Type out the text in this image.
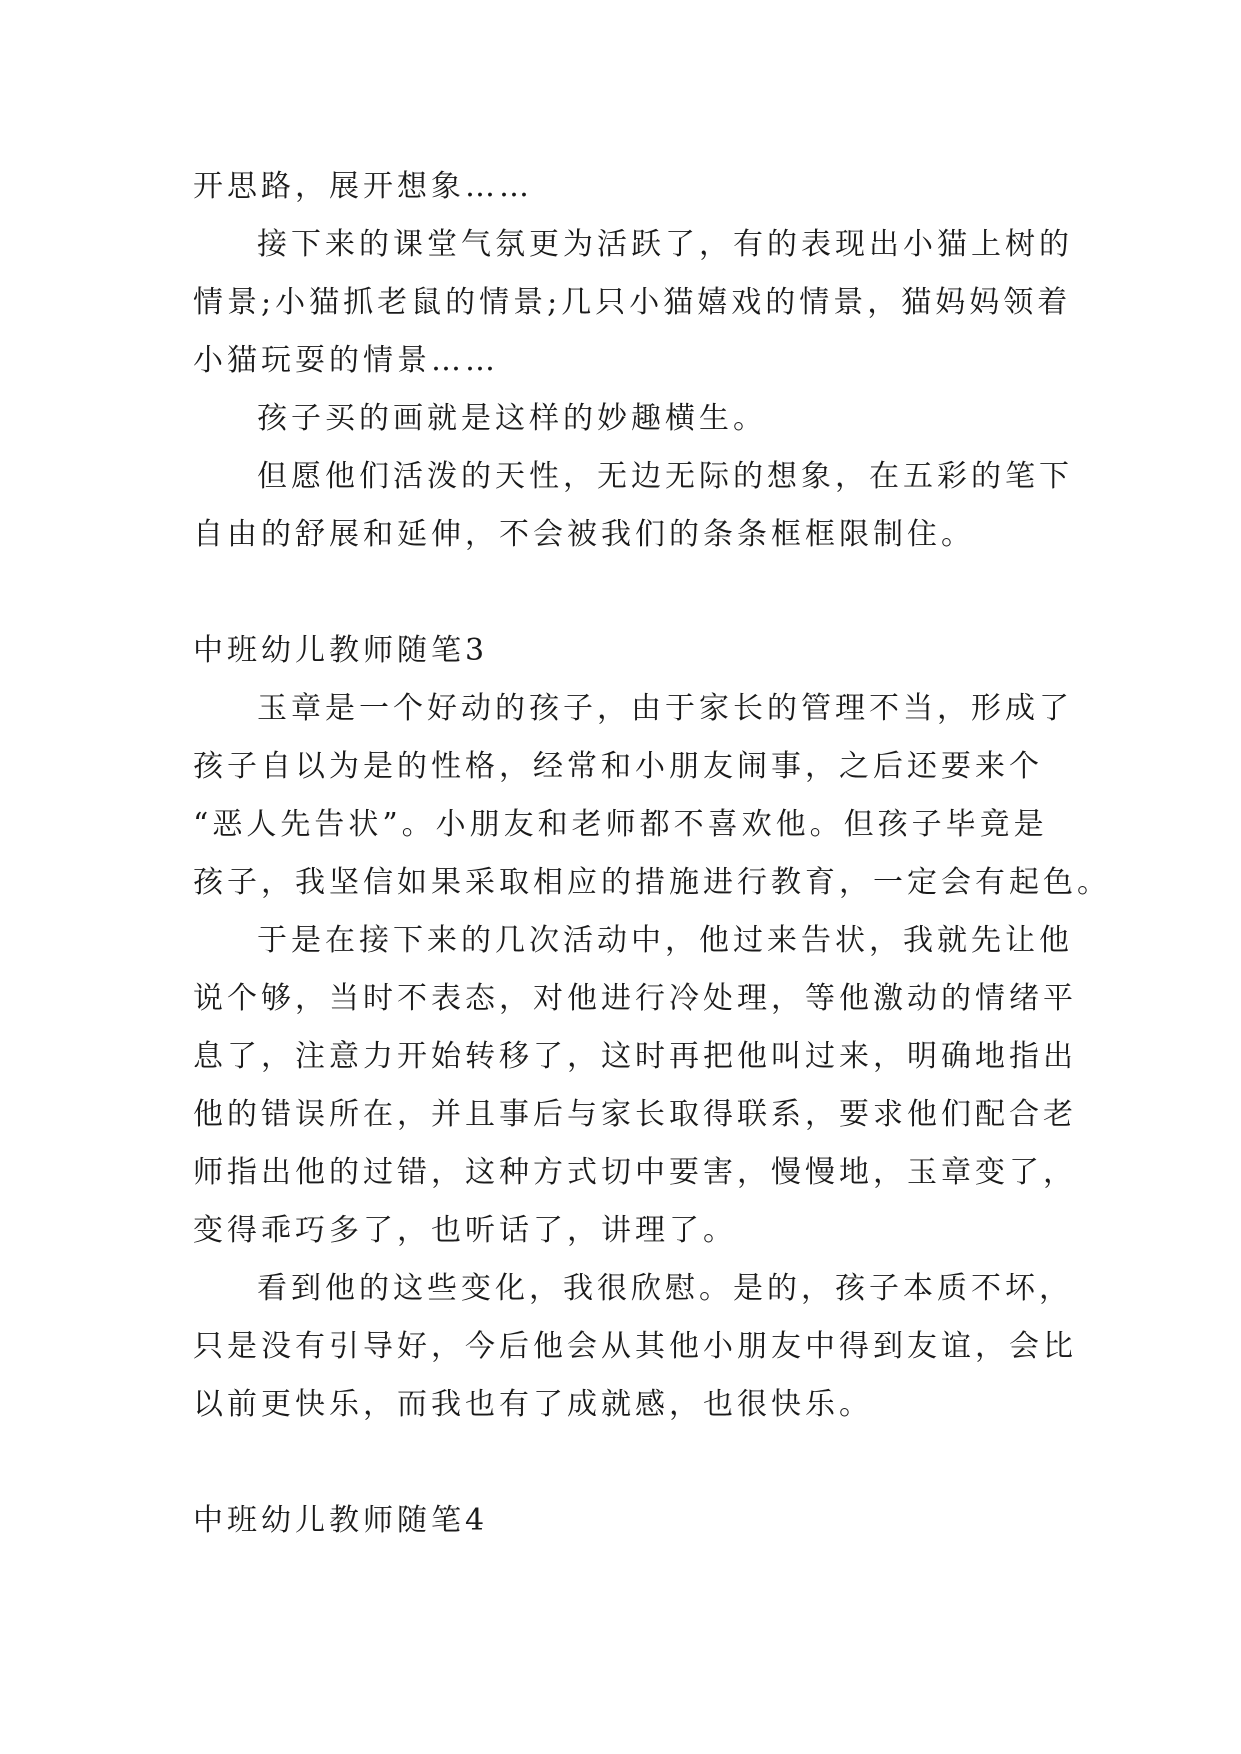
开思路，展开想象……
接下来的课堂气氛更为活跃了，有的表现出小猫上树的
情景;小猫抓老鼠的情景;几只小猫嬉戏的情景，猫妈妈领着
小猫玩耍的情景……
孩子买的画就是这样的妙趣横生。
但愿他们活泼的天性，无边无际的想象，在五彩的笔下
自由的舒展和延伸，不会被我们的条条框框限制住。
中班幼儿教师随笔3
玉章是一个好动的孩子，由于家长的管理不当，形成了
孩子自以为是的性格，经常和小朋友闹事，之后还要来个
“恶人先告状”。小朋友和老师都不喜欢他。但孩子毕竟是
孩子，我坚信如果采取相应的措施进行教育，一定会有起色。
于是在接下来的几次活动中，他过来告状，我就先让他
说个够，当时不表态，对他进行冷处理，等他激动的情绪平
息了，注意力开始转移了，这时再把他叫过来，明确地指出
他的错误所在，并且事后与家长取得联系，要求他们配合老
师指出他的过错，这种方式切中要害，慢慢地，玉章变了，
变得乖巧多了，也听话了，讲理了。
看到他的这些变化，我很欣慰。是的，孩子本质不坏，
只是没有引导好，今后他会从其他小朋友中得到友谊，会比
以前更快乐，而我也有了成就感，也很快乐。
中班幼儿教师随笔4
